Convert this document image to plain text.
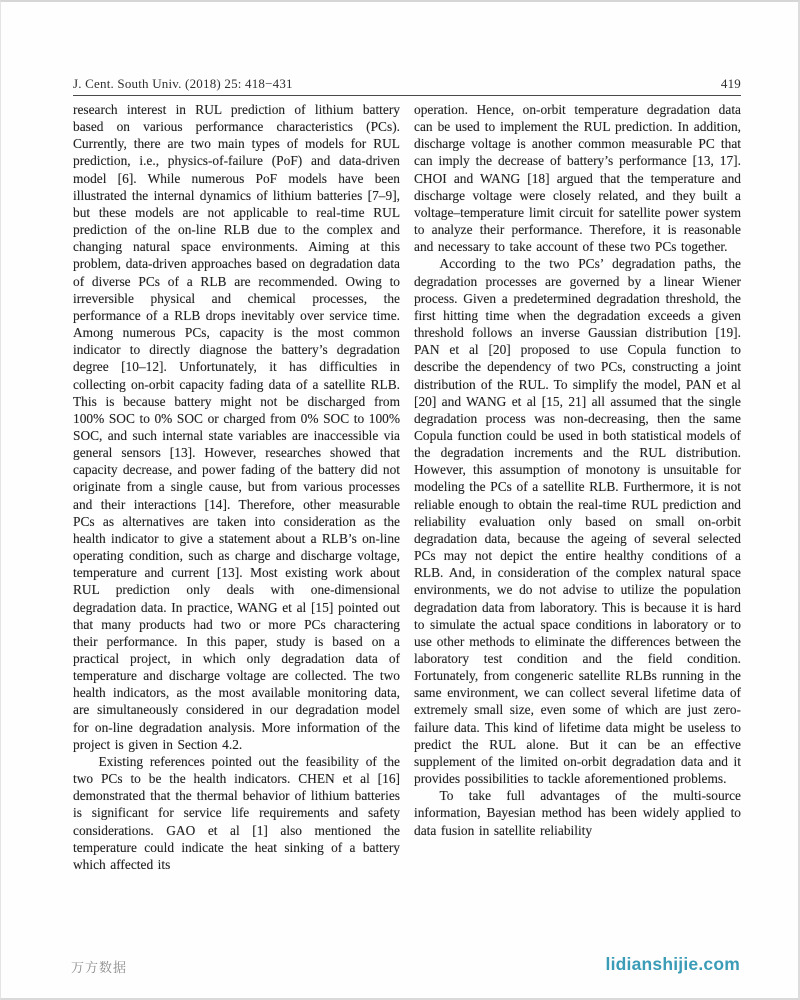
J. Cent. South Univ. (2018) 25: 418−431	419

research interest in RUL prediction of lithium battery based on various performance characteristics (PCs). Currently, there are two main types of models for RUL prediction, i.e., physics-of-failure (PoF) and data-driven model [6]. While numerous PoF models have been illustrated the internal dynamics of lithium batteries [7–9], but these models are not applicable to real-time RUL prediction of the on-line RLB due to the complex and changing natural space environments. Aiming at this problem, data-driven approaches based on degradation data of diverse PCs of a RLB are recommended. Owing to irreversible physical and chemical processes, the performance of a RLB drops inevitably over service time. Among numerous PCs, capacity is the most common indicator to directly diagnose the battery’s degradation degree [10–12]. Unfortunately, it has difficulties in collecting on-orbit capacity fading data of a satellite RLB. This is because battery might not be discharged from 100% SOC to 0% SOC or charged from 0% SOC to 100% SOC, and such internal state variables are inaccessible via general sensors [13]. However, researches showed that capacity decrease, and power fading of the battery did not originate from a single cause, but from various processes and their interactions [14]. Therefore, other measurable PCs as alternatives are taken into consideration as the health indicator to give a statement about a RLB’s on-line operating condition, such as charge and discharge voltage, temperature and current [13]. Most existing work about RUL prediction only deals with one-dimensional degradation data. In practice, WANG et al [15] pointed out that many products had two or more PCs charactering their performance. In this paper, study is based on a practical project, in which only degradation data of temperature and discharge voltage are collected. The two health indicators, as the most available monitoring data, are simultaneously considered in our degradation model for on-line degradation analysis. More information of the project is given in Section 4.2.

Existing references pointed out the feasibility of the two PCs to be the health indicators. CHEN et al [16] demonstrated that the thermal behavior of lithium batteries is significant for service life requirements and safety considerations. GAO et al [1] also mentioned the temperature could indicate the heat sinking of a battery which affected its

operation. Hence, on-orbit temperature degradation data can be used to implement the RUL prediction. In addition, discharge voltage is another common measurable PC that can imply the decrease of battery’s performance [13, 17]. CHOI and WANG [18] argued that the temperature and discharge voltage were closely related, and they built a voltage–temperature limit circuit for satellite power system to analyze their performance. Therefore, it is reasonable and necessary to take account of these two PCs together.

According to the two PCs’ degradation paths, the degradation processes are governed by a linear Wiener process. Given a predetermined degradation threshold, the first hitting time when the degradation exceeds a given threshold follows an inverse Gaussian distribution [19]. PAN et al [20] proposed to use Copula function to describe the dependency of two PCs, constructing a joint distribution of the RUL. To simplify the model, PAN et al [20] and WANG et al [15, 21] all assumed that the single degradation process was non-decreasing, then the same Copula function could be used in both statistical models of the degradation increments and the RUL distribution. However, this assumption of monotony is unsuitable for modeling the PCs of a satellite RLB. Furthermore, it is not reliable enough to obtain the real-time RUL prediction and reliability evaluation only based on small on-orbit degradation data, because the ageing of several selected PCs may not depict the entire healthy conditions of a RLB. And, in consideration of the complex natural space environments, we do not advise to utilize the population degradation data from laboratory. This is because it is hard to simulate the actual space conditions in laboratory or to use other methods to eliminate the differences between the laboratory test condition and the field condition. Fortunately, from congeneric satellite RLBs running in the same environment, we can collect several lifetime data of extremely small size, even some of which are just zero-failure data. This kind of lifetime data might be useless to predict the RUL alone. But it can be an effective supplement of the limited on-orbit degradation data and it provides possibilities to tackle aforementioned problems.

To take full advantages of the multi-source information, Bayesian method has been widely applied to data fusion in satellite reliability

万方数据	lidianshijie.com
